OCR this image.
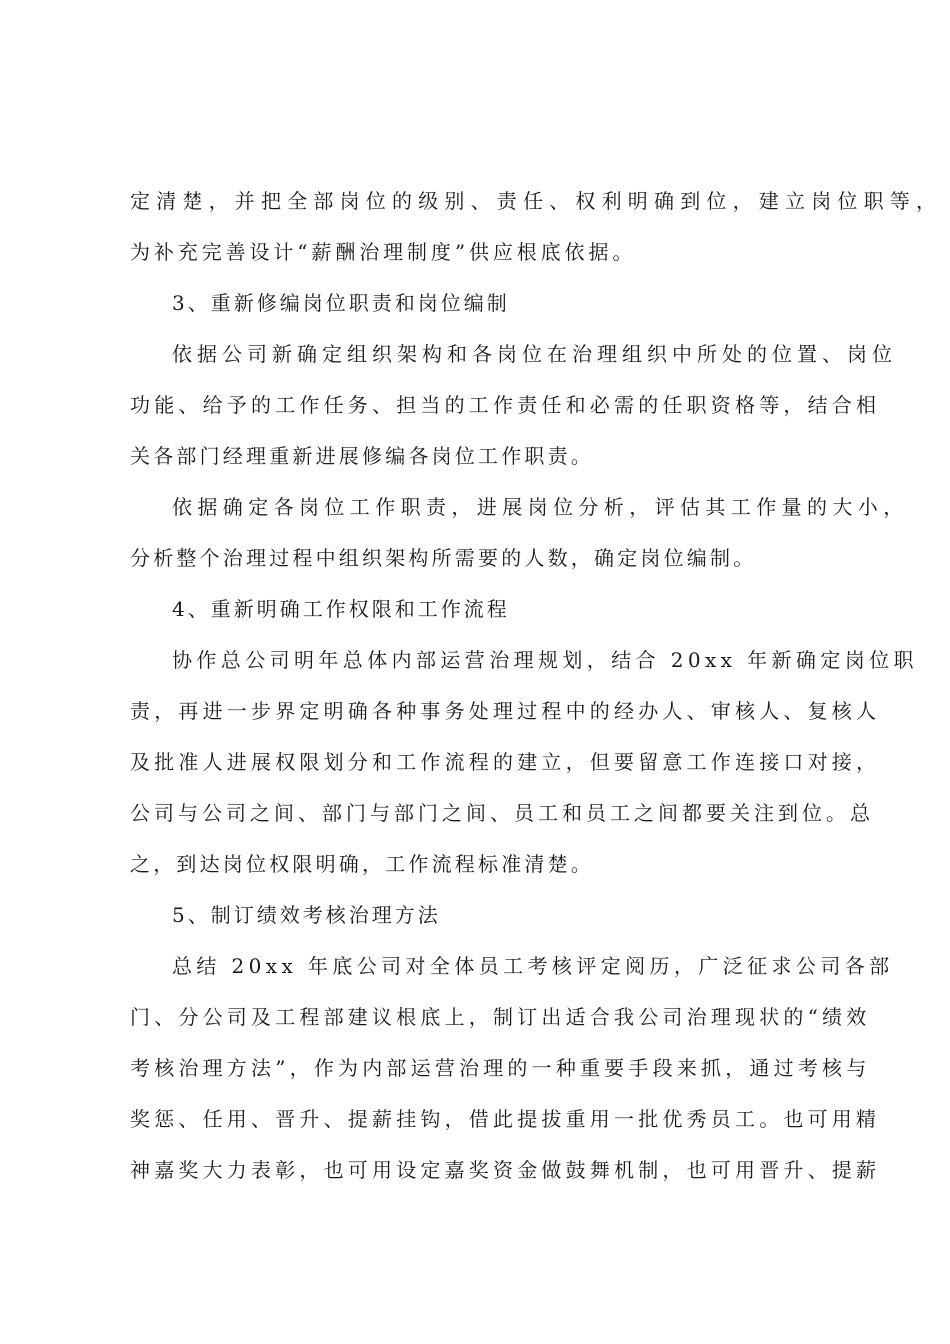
定清楚，并把全部岗位的级别、责任、权利明确到位，建立岗位职等，
为补充完善设计“薪酬治理制度”供应根底依据。
3、重新修编岗位职责和岗位编制
依据公司新确定组织架构和各岗位在治理组织中所处的位置、岗位
功能、给予的工作任务、担当的工作责任和必需的任职资格等，结合相
关各部门经理重新进展修编各岗位工作职责。
依据确定各岗位工作职责，进展岗位分析，评估其工作量的大小，
分析整个治理过程中组织架构所需要的人数，确定岗位编制。
4、重新明确工作权限和工作流程
协作总公司明年总体内部运营治理规划，结合 20xx 年新确定岗位职
责，再进一步界定明确各种事务处理过程中的经办人、审核人、复核人
及批准人进展权限划分和工作流程的建立，但要留意工作连接口对接，
公司与公司之间、部门与部门之间、员工和员工之间都要关注到位。总
之，到达岗位权限明确，工作流程标准清楚。
5、制订绩效考核治理方法
总结 20xx 年底公司对全体员工考核评定阅历，广泛征求公司各部
门、分公司及工程部建议根底上，制订出适合我公司治理现状的“绩效
考核治理方法”，作为内部运营治理的一种重要手段来抓，通过考核与
奖惩、任用、晋升、提薪挂钩，借此提拔重用一批优秀员工。也可用精
神嘉奖大力表彰，也可用设定嘉奖资金做鼓舞机制，也可用晋升、提薪
